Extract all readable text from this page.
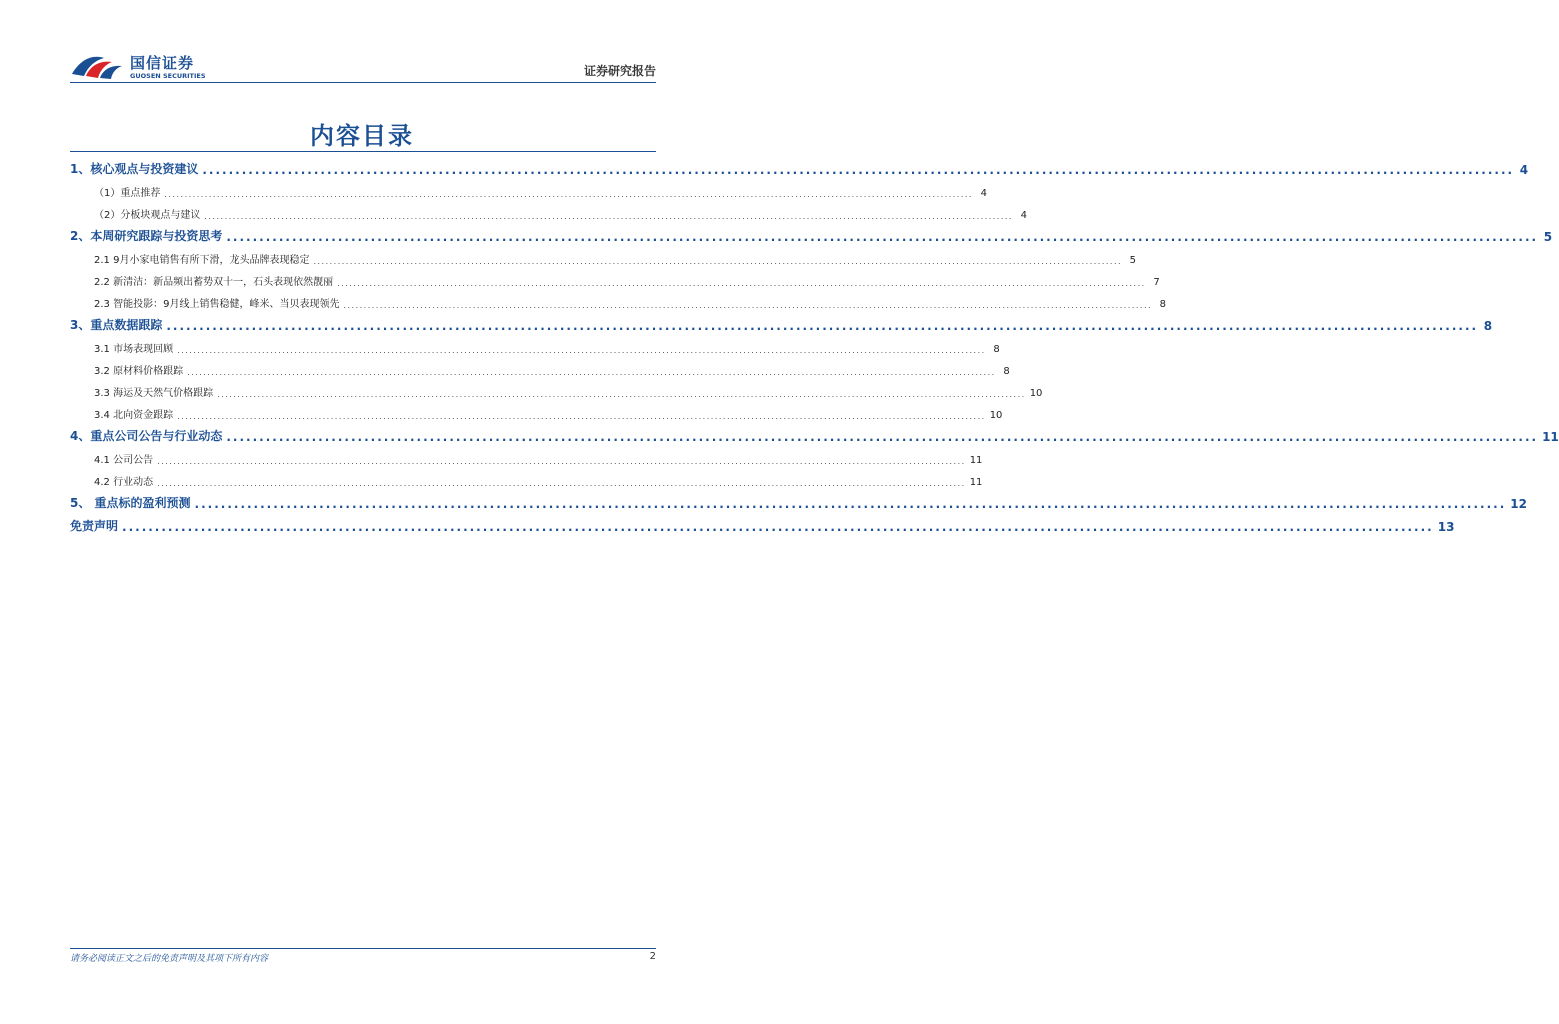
国信证券
GUOSEN SECURITIES	证券研究报告
内容目录
1、核心观点与投资建议 ........................................................................................................................................................................................................ 4
（1）重点推荐 ........................................................................................................................................................................................................ 4
（2）分板块观点与建议 ........................................................................................................................................................................................................ 4
2、本周研究跟踪与投资思考 ........................................................................................................................................................................................................ 5
2.1 9月小家电销售有所下滑，龙头品牌表现稳定 ........................................................................................................................................................................................................ 5
2.2 新清洁：新品频出蓄势双十一，石头表现依然靓丽 ........................................................................................................................................................................................................ 7
2.3 智能投影：9月线上销售稳健，峰米、当贝表现领先 ........................................................................................................................................................................................................ 8
3、重点数据跟踪 ........................................................................................................................................................................................................ 8
3.1 市场表现回顾 ........................................................................................................................................................................................................ 8
3.2 原材料价格跟踪 ........................................................................................................................................................................................................ 8
3.3 海运及天然气价格跟踪 ........................................................................................................................................................................................................ 10
3.4 北向资金跟踪 ........................................................................................................................................................................................................ 10
4、重点公司公告与行业动态 ........................................................................................................................................................................................................ 11
4.1 公司公告 ........................................................................................................................................................................................................ 11
4.2 行业动态 ........................................................................................................................................................................................................ 11
5、 重点标的盈利预测 ........................................................................................................................................................................................................ 12
免责声明 ........................................................................................................................................................................................................ 13
请务必阅读正文之后的免责声明及其项下所有内容	2
